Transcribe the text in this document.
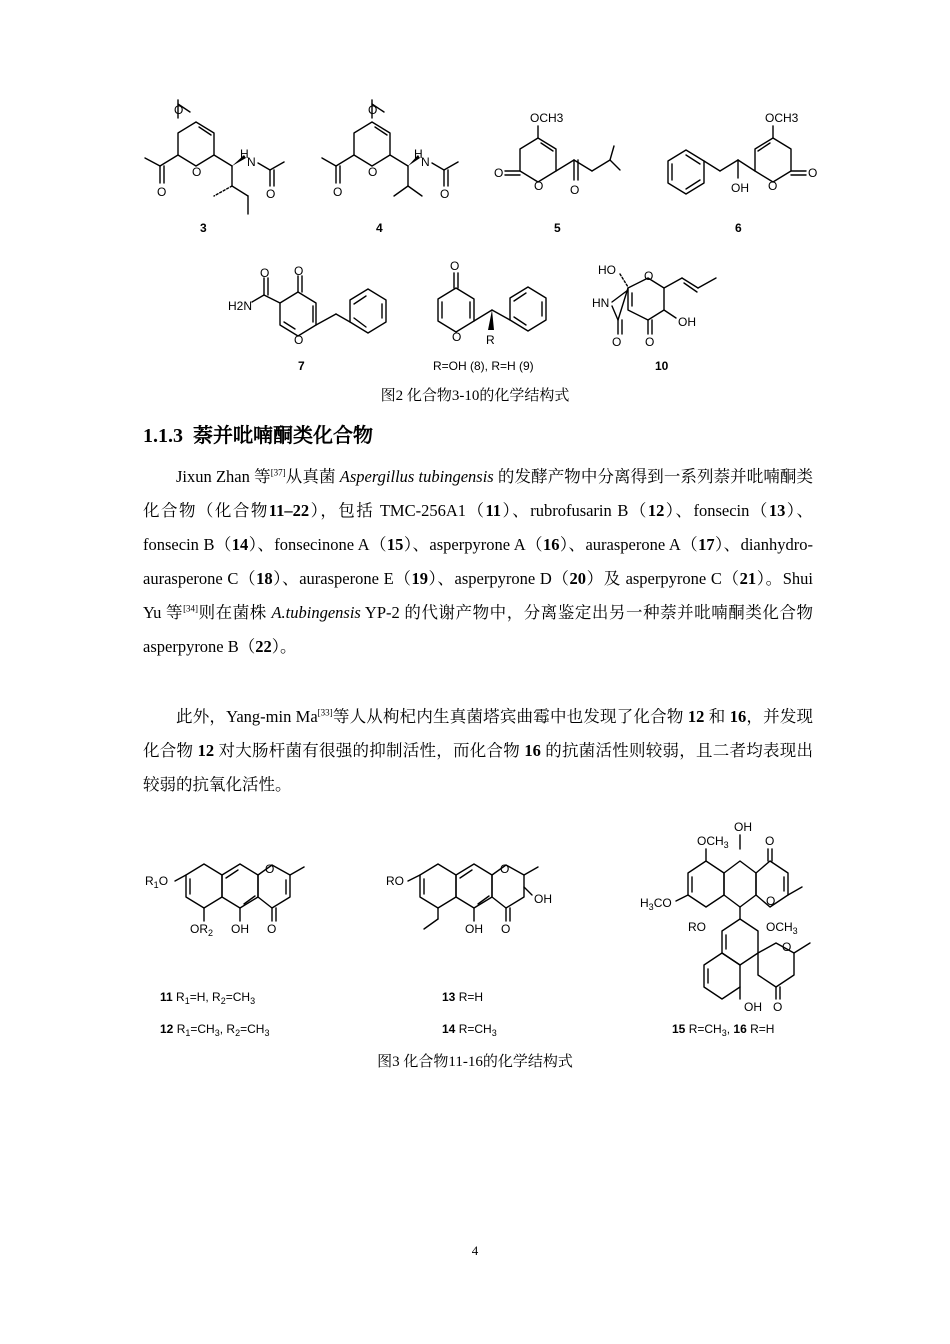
O
O
O
H
N
O
3
O
O
O
H
N
O
4
OCH3
O
O O
5
OCH3
O
O
OH
6
H2N
O O
O
7
O
O R
R=OH (8), R=H (9)
HO
HN
O
O
O
OH
10
图2 化合物3-10的化学结构式
1.1.3 萘并吡喃酮类化合物
Jixun Zhan 等[37]从真菌 Aspergillus tubingensis 的发酵产物中分离得到一系列萘并吡喃酮类化合物（化合物11–22），包括 TMC-256A1（11）、rubrofusarin B（12）、fonsecin（13）、fonsecin B（14）、fonsecinone A（15）、asperpyrone A（16）、aurasperone A（17）、dianhydro-aurasperone C（18）、aurasperone E（19）、asperpyrone D（20）及 asperpyrone C（21）。Shui Yu 等[34]则在菌株 A.tubingensis YP-2 的代谢产物中，分离鉴定出另一种萘并吡喃酮类化合物 asperpyrone B（22）。
此外，Yang-min Ma[33]等人从枸杞内生真菌塔宾曲霉中也发现了化合物 12 和 16，并发现化合物 12 对大肠杆菌有很强的抑制活性，而化合物 16 的抗菌活性则较弱，且二者均表现出较弱的抗氧化活性。
$R_1O$
O
O
$OR_2$ OH
11 $R_1=H$, $R_2=CH_3$
12 $R_1=CH_3$, $R_2=CH_3$
RO
O
OH
O
OH
13 R=H
14 $R=CH_3$
OH
$OCH_3$	O
O
$H_3CO$
RO	$OCH_3$
O
O
OH
15 $R=CH_3$, 16 R=H
图3 化合物11-16的化学结构式
4
